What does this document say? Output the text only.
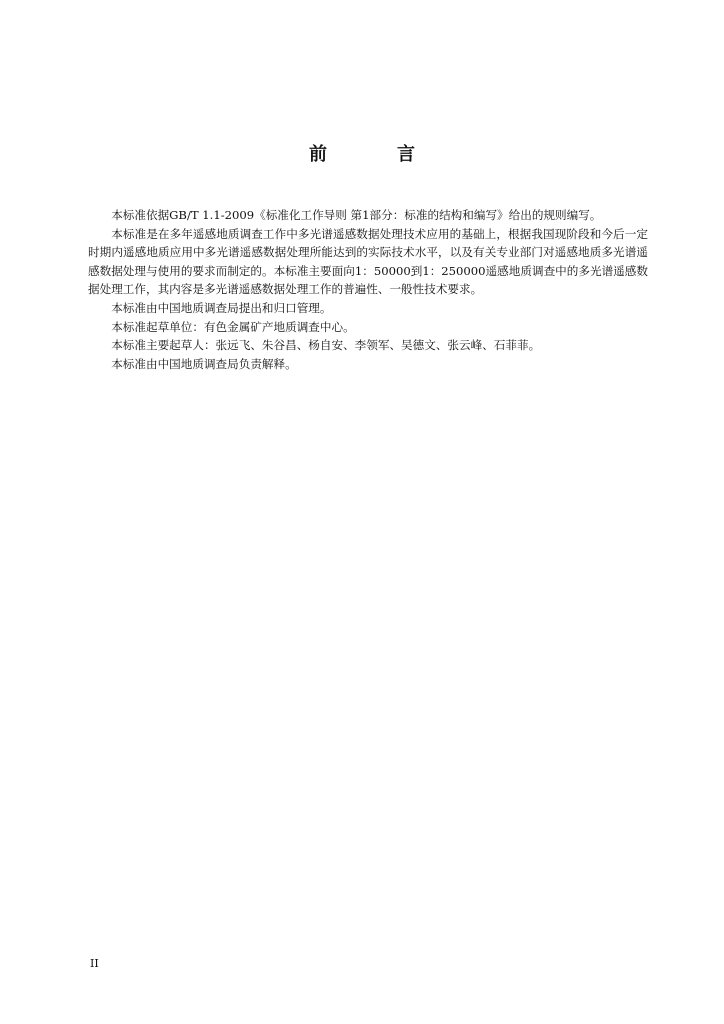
前　言

本标准依据GB/T 1.1-2009《标准化工作导则 第1部分：标准的结构和编写》给出的规则编写。

本标准是在多年遥感地质调查工作中多光谱遥感数据处理技术应用的基础上，根据我国现阶段和今后一定时期内遥感地质应用中多光谱遥感数据处理所能达到的实际技术水平，以及有关专业部门对遥感地质多光谱遥感数据处理与使用的要求而制定的。本标准主要面向1：50000到1：250000遥感地质调查中的多光谱遥感数据处理工作，其内容是多光谱遥感数据处理工作的普遍性、一般性技术要求。

本标准由中国地质调查局提出和归口管理。

本标准起草单位：有色金属矿产地质调查中心。

本标准主要起草人：张远飞、朱谷昌、杨自安、李领军、吴德文、张云峰、石菲菲。

本标准由中国地质调查局负责解释。

II
